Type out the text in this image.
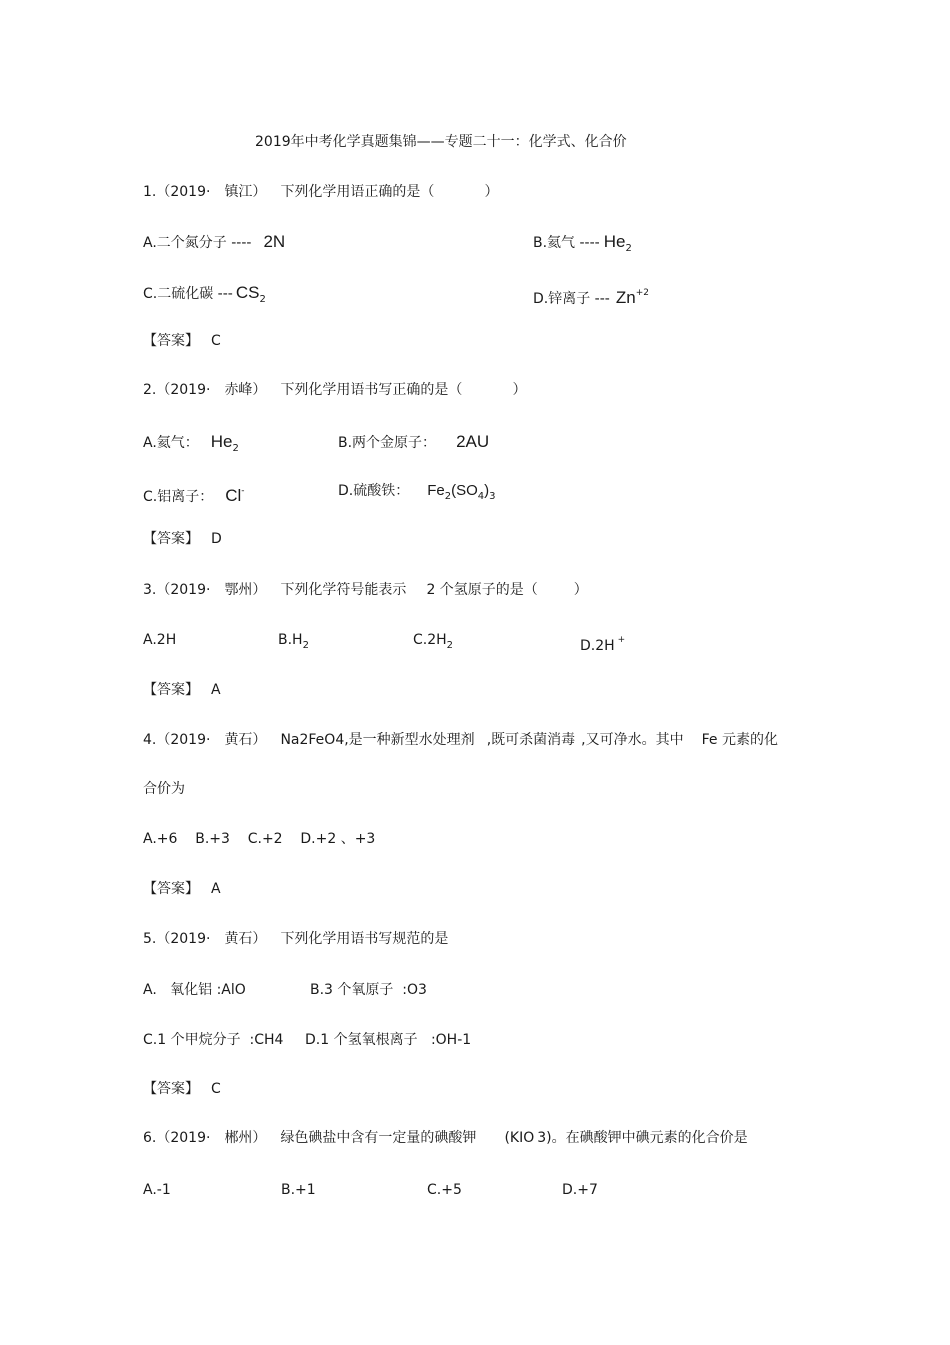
2019年中考化学真题集锦——专题二十一：化学式、化合价
1.（2019· 镇江） 下列化学用语正确的是（	）
A.二个氮分子 ---- 2N	B.氦气 ---- $He_2$
C.二硫化碳 --- $CS_2$	D.锌离子 --- $Zn^{+2}$
【答案】 C
2.（2019· 赤峰） 下列化学用语书写正确的是（	）
A.氦气： $He_2$	B.两个金原子： 2AU
C.铝离子： Cl-	D.硫酸铁： $Fe_2(SO_4)_3$
【答案】 D
3.（2019· 鄂州） 下列化学符号能表示 2 个氢原子的是（	）
A.2H	$B.H_2$	$C.2H_2$	D.2H +
【答案】 A
4.（2019· 黄石） Na2FeO4,是一种新型水处理剂 ,既可杀菌消毒 ,又可净水。其中 Fe 元素的化
合价为
A.+6    B.+3    C.+2    D.+2 、+3
【答案】 A
5.（2019· 黄石） 下列化学用语书写规范的是
A.   氧化铝 :AlO	B.3 个氧原子  :O3
C.1 个甲烷分子  :CH4 D.1 个氢氧根离子   :OH-1
【答案】 C
6.（2019· 郴州） 绿色碘盐中含有一定量的碘酸钾 (KIO 3)。在碘酸钾中碘元素的化合价是
A.-1	B.+1	C.+5	D.+7
